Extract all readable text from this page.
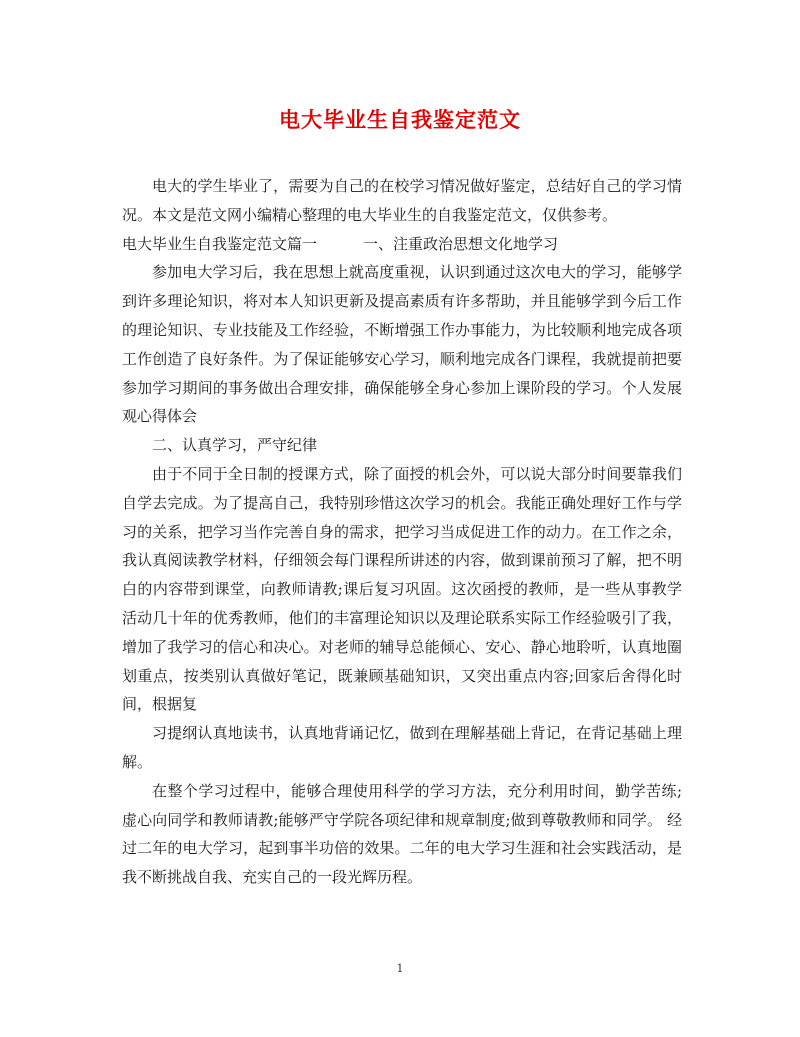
电大毕业生自我鉴定范文

电大的学生毕业了，需要为自己的在校学习情况做好鉴定，总结好自己的学习情况。本文是范文网小编精心整理的电大毕业生的自我鉴定范文，仅供参考。

电大毕业生自我鉴定范文篇一	一、注重政治思想文化地学习

参加电大学习后，我在思想上就高度重视，认识到通过这次电大的学习，能够学到许多理论知识，将对本人知识更新及提高素质有许多帮助，并且能够学到今后工作的理论知识、专业技能及工作经验，不断增强工作办事能力，为比较顺利地完成各项工作创造了良好条件。为了保证能够安心学习，顺利地完成各门课程，我就提前把要参加学习期间的事务做出合理安排，确保能够全身心参加上课阶段的学习。个人发展观心得体会

二、认真学习，严守纪律

由于不同于全日制的授课方式，除了面授的机会外，可以说大部分时间要靠我们自学去完成。为了提高自己，我特别珍惜这次学习的机会。我能正确处理好工作与学习的关系，把学习当作完善自身的需求，把学习当成促进工作的动力。在工作之余，我认真阅读教学材料，仔细领会每门课程所讲述的内容，做到课前预习了解，把不明白的内容带到课堂，向教师请教;课后复习巩固。这次函授的教师，是一些从事教学活动几十年的优秀教师，他们的丰富理论知识以及理论联系实际工作经验吸引了我，增加了我学习的信心和决心。对老师的辅导总能倾心、安心、静心地聆听，认真地圈划重点，按类别认真做好笔记，既兼顾基础知识，又突出重点内容;回家后舍得化时间，根据复

习提纲认真地读书，认真地背诵记忆，做到在理解基础上背记，在背记基础上理解。

在整个学习过程中，能够合理使用科学的学习方法，充分利用时间，勤学苦练;虚心向同学和教师请教;能够严守学院各项纪律和规章制度;做到尊敬教师和同学。 经过二年的电大学习，起到事半功倍的效果。二年的电大学习生涯和社会实践活动，是我不断挑战自我、充实自己的一段光辉历程。

1
